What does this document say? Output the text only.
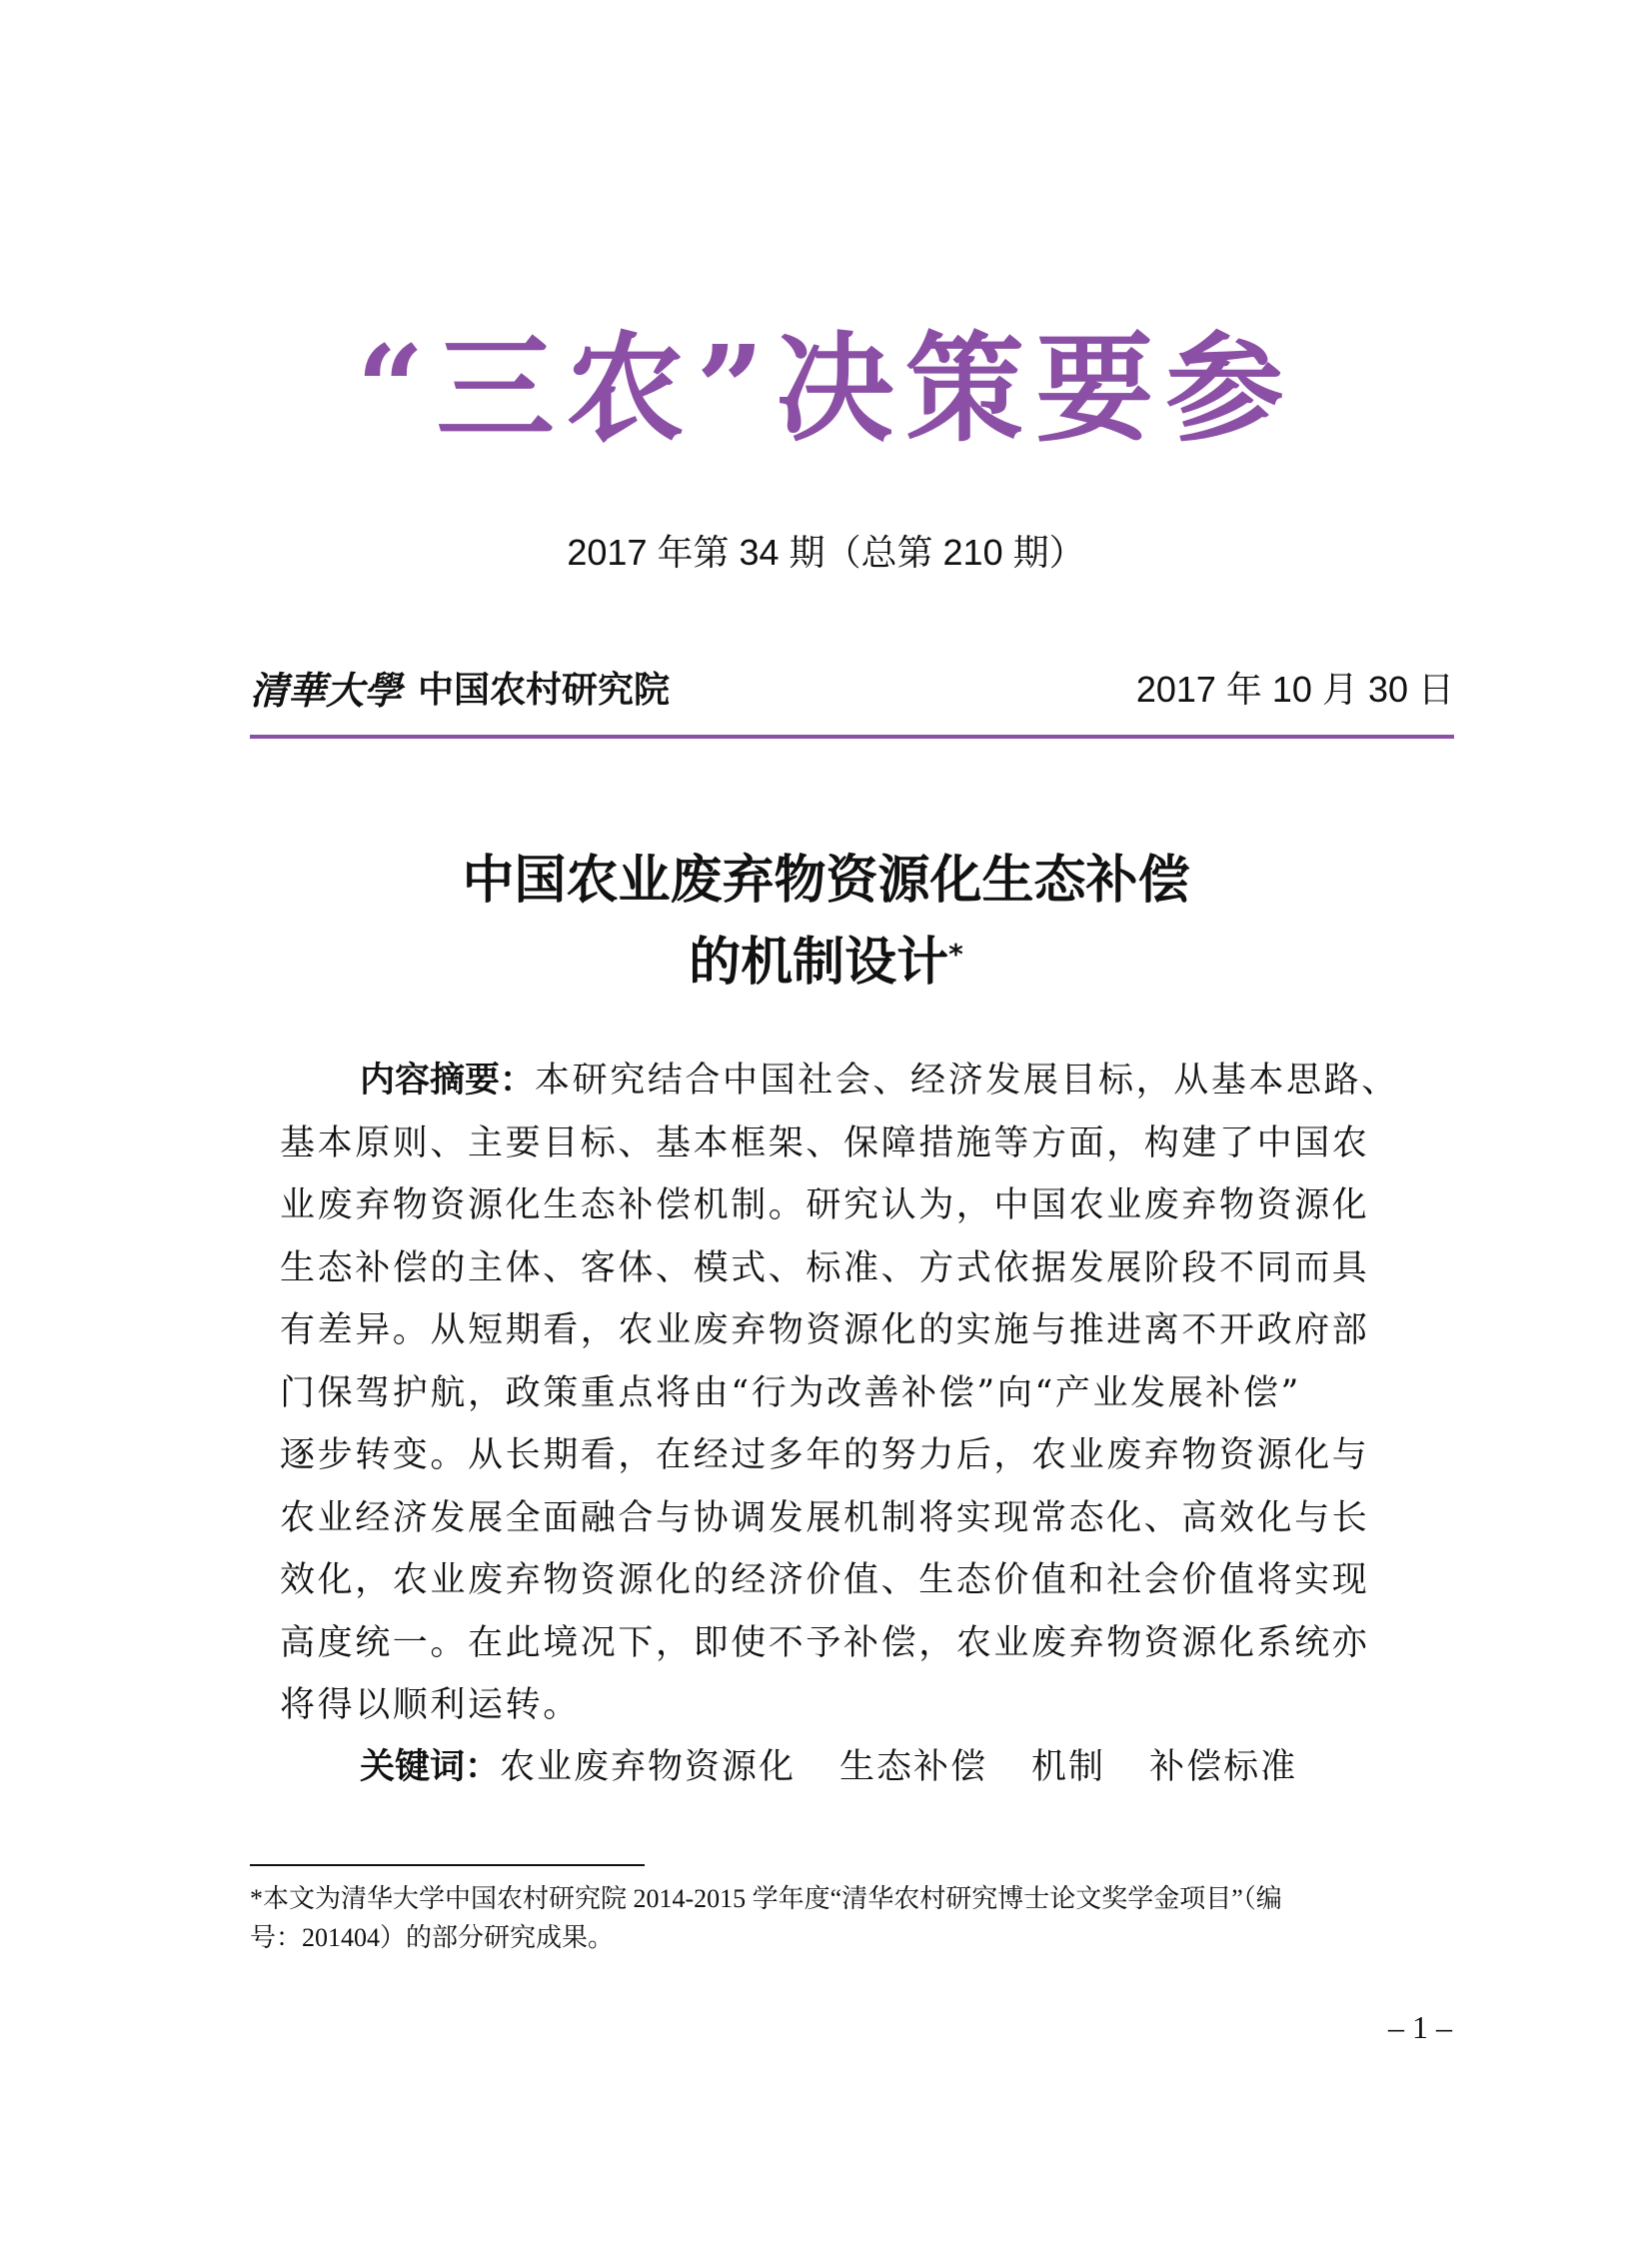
“三农”决策要参
2017 年第 34 期（总第 210 期）
清華大學 中国农村研究院	2017 年 10 月 30 日
中国农业废弃物资源化生态补偿
的机制设计*
内容摘要：本研究结合中国社会、经济发展目标，从基本思路、
基本原则、主要目标、基本框架、保障措施等方面，构建了中国农
业废弃物资源化生态补偿机制。研究认为，中国农业废弃物资源化
生态补偿的主体、客体、模式、标准、方式依据发展阶段不同而具
有差异。从短期看，农业废弃物资源化的实施与推进离不开政府部
门保驾护航，政策重点将由“行为改善补偿”向“产业发展补偿”
逐步转变。从长期看，在经过多年的努力后，农业废弃物资源化与
农业经济发展全面融合与协调发展机制将实现常态化、高效化与长
效化，农业废弃物资源化的经济价值、生态价值和社会价值将实现
高度统一。在此境况下，即使不予补偿，农业废弃物资源化系统亦
将得以顺利运转。
关键词：农业废弃物资源化 生态补偿 机制 补偿标准
*本文为清华大学中国农村研究院 2014-2015 学年度“清华农村研究博士论文奖学金项目”（编
号：201404）的部分研究成果。
– 1 –
